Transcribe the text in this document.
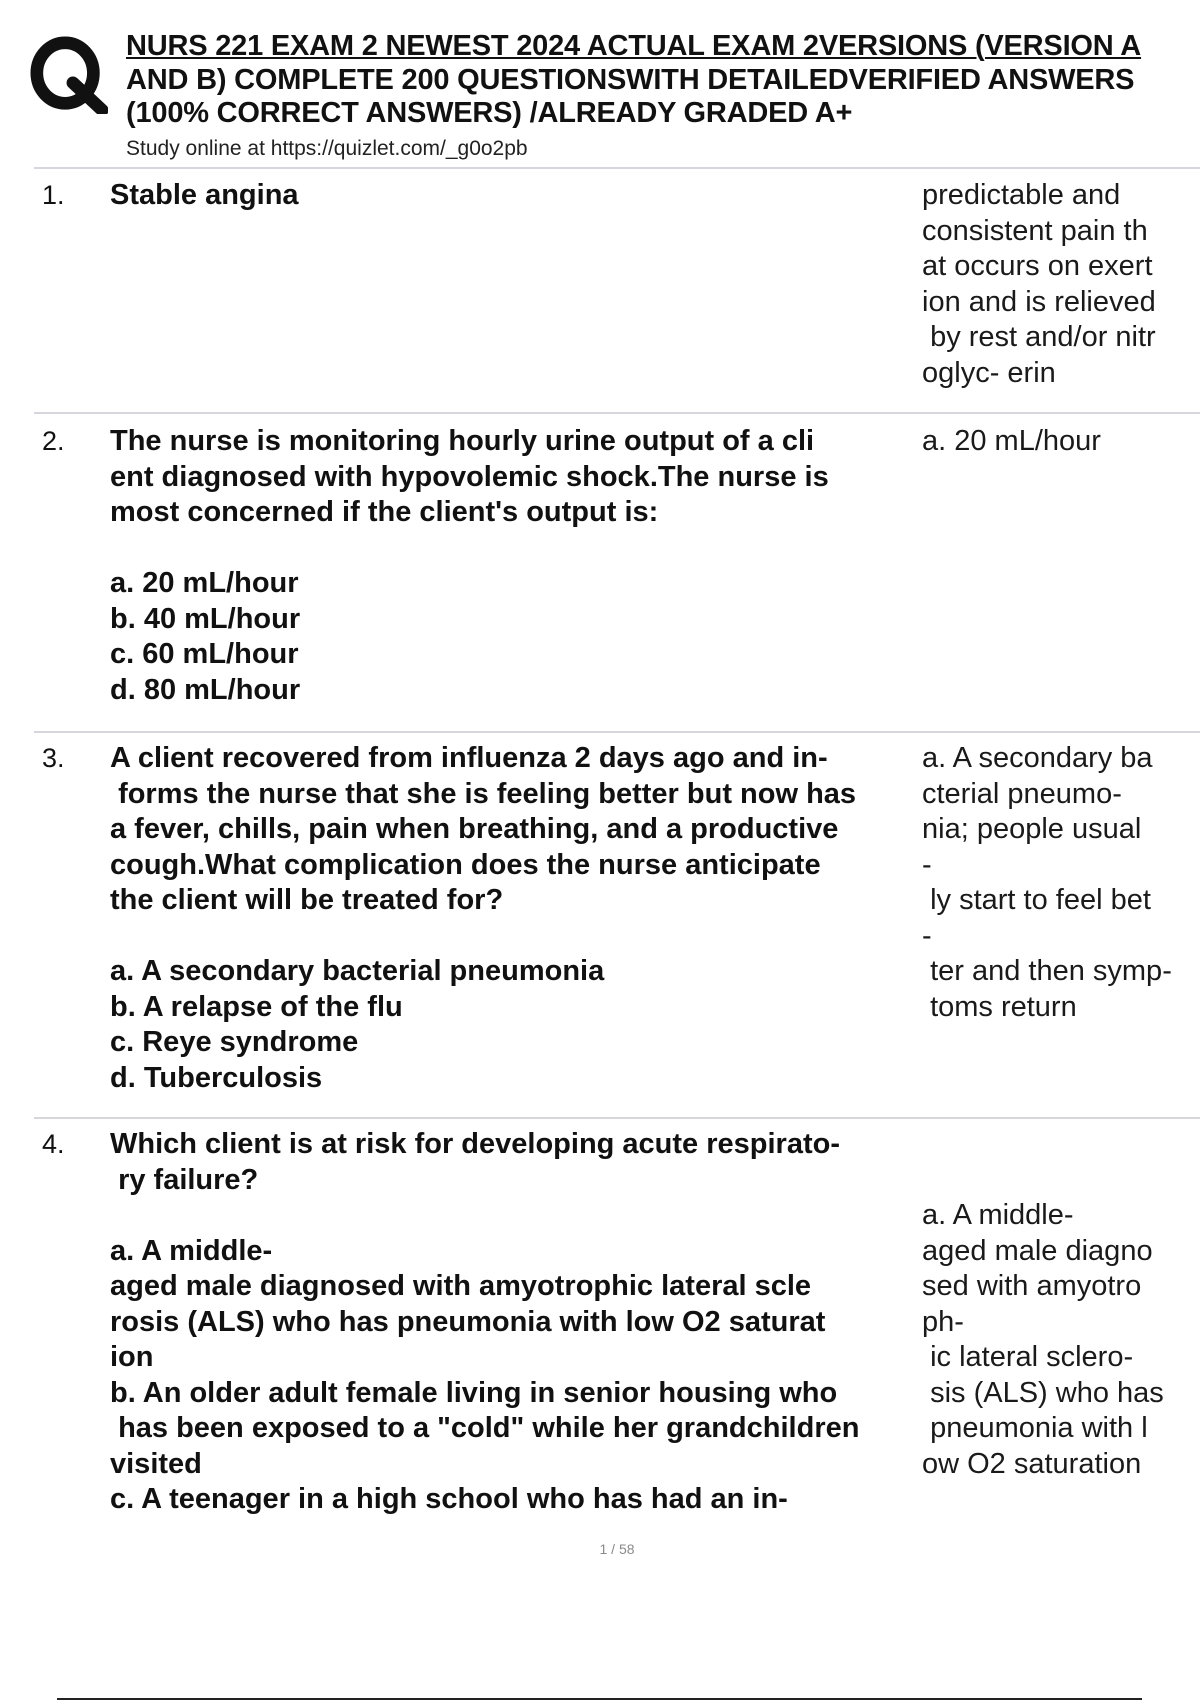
NURS 221 EXAM 2 NEWEST 2024 ACTUAL EXAM 2VERSIONS (VERSION A
AND B) COMPLETE 200 QUESTIONSWITH DETAILEDVERIFIED ANSWERS
(100% CORRECT ANSWERS) /ALREADY GRADED A+
Study online at https://quizlet.com/_g0o2pb
1. Stable angina	predictable and
consistent pain th
at occurs on exert
ion and is relieved
by rest and/or nitr
oglyc- erin
2. The nurse is monitoring hourly urine output of a cli
ent diagnosed with hypovolemic shock.The nurse is
most concerned if the client's output is:

a. 20 mL/hour
b. 40 mL/hour
c. 60 mL/hour
d. 80 mL/hour
a. 20 mL/hour
3. A client recovered from influenza 2 days ago and in-
forms the nurse that she is feeling better but now has
a fever, chills, pain when breathing, and a productive
cough.What complication does the nurse anticipate
the client will be treated for?

a. A secondary bacterial pneumonia
b. A relapse of the flu
c. Reye syndrome
d. Tuberculosis
a. A secondary ba
cterial pneumo-
nia; people usual
-
ly start to feel bet
-
ter and then symp-
toms return
4. Which client is at risk for developing acute respirato-
ry failure?

a. A middle-
aged male diagnosed with amyotrophic lateral scle
rosis (ALS) who has pneumonia with low O2 saturat
ion
b. An older adult female living in senior housing who
has been exposed to a "cold" while her grandchildren
visited
c. A teenager in a high school who has had an in-

a. A middle-
aged male diagno
sed with amyotro
ph-
ic lateral sclero-
sis (ALS) who has
pneumonia with l
ow O2 saturation
1 / 58
